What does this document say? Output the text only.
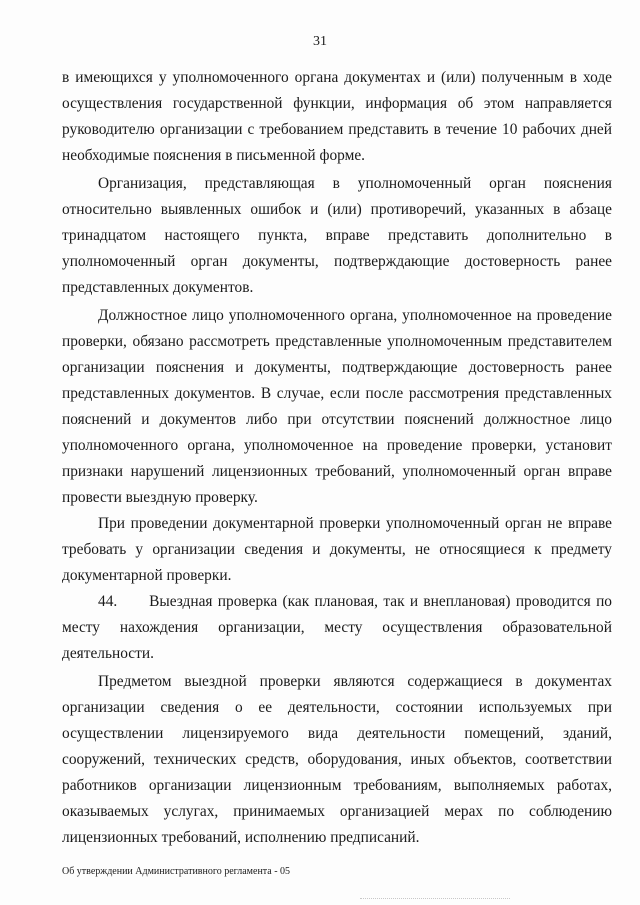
31
в имеющихся у уполномоченного органа документах и (или) полученным в ходе
осуществления государственной функции, информация об этом направляется
руководителю организации с требованием представить в течение 10 рабочих дней
необходимые пояснения в письменной форме.
Организация, представляющая в уполномоченный орган пояснения
относительно выявленных ошибок и (или) противоречий, указанных в абзаце
тринадцатом настоящего пункта, вправе представить дополнительно в
уполномоченный орган документы, подтверждающие достоверность ранее
представленных документов.
Должностное лицо уполномоченного органа, уполномоченное на проведение
проверки, обязано рассмотреть представленные уполномоченным представителем
организации пояснения и документы, подтверждающие достоверность ранее
представленных документов. В случае, если после рассмотрения представленных
пояснений и документов либо при отсутствии пояснений должностное лицо
уполномоченного органа, уполномоченное на проведение проверки, установит
признаки нарушений лицензионных требований, уполномоченный орган вправе
провести выездную проверку.
При проведении документарной проверки уполномоченный орган не вправе
требовать у организации сведения и документы, не относящиеся к предмету
документарной проверки.
44.      Выездная проверка (как плановая, так и внеплановая) проводится по
месту нахождения организации, месту осуществления образовательной
деятельности.
Предметом выездной проверки являются содержащиеся в документах
организации сведения о ее деятельности, состоянии используемых при
осуществлении лицензируемого вида деятельности помещений, зданий,
сооружений, технических средств, оборудования, иных объектов, соответствии
работников организации лицензионным требованиям, выполняемых работах,
оказываемых услугах, принимаемых организацией мерах по соблюдению
лицензионных требований, исполнению предписаний.
Об утверждении Административного регламента - 05
